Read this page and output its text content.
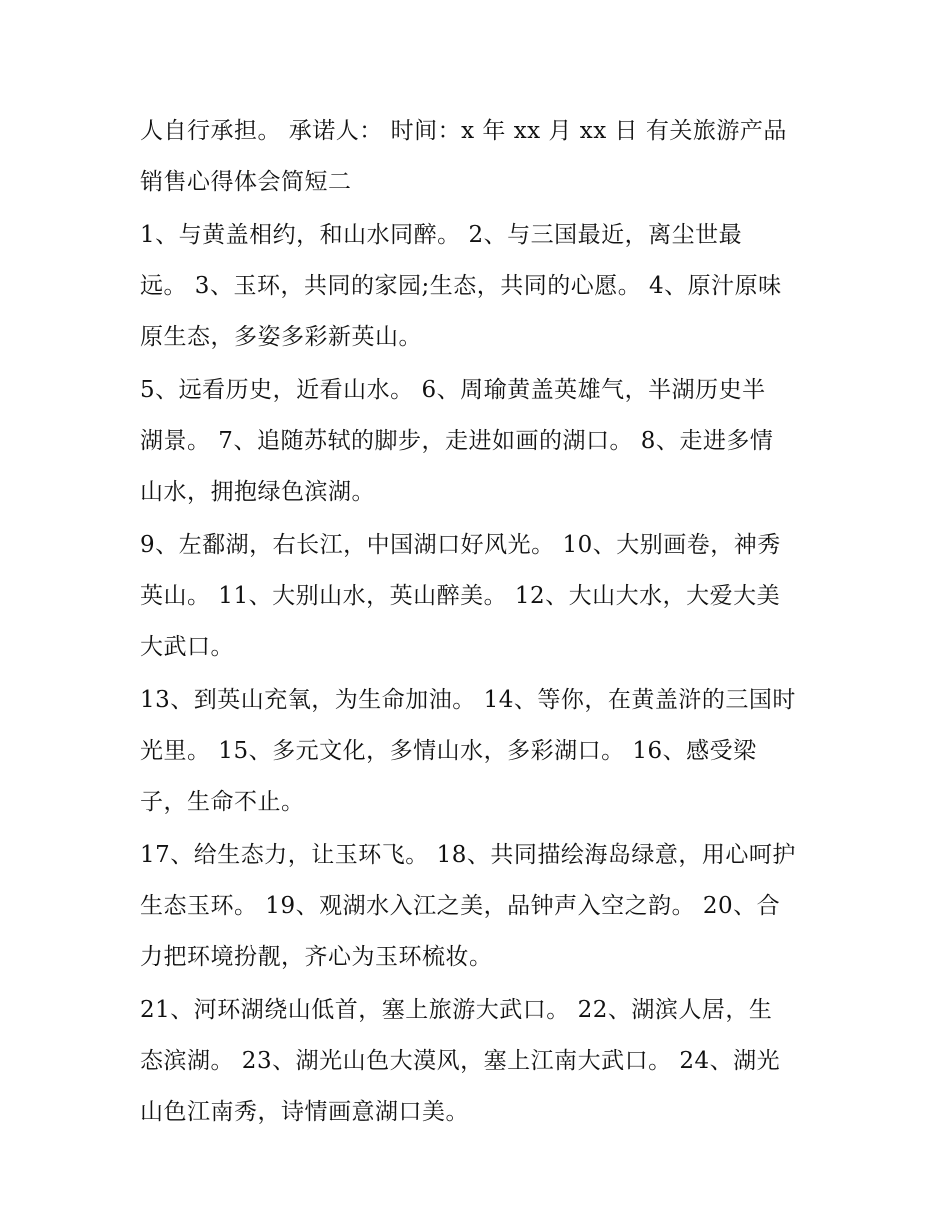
人自行承担。 承诺人： 时间：x 年 xx 月 xx 日 有关旅游产品
销售心得体会简短二
1、与黄盖相约，和山水同醉。 2、与三国最近，离尘世最
远。 3、玉环，共同的家园;生态，共同的心愿。 4、原汁原味
原生态，多姿多彩新英山。
5、远看历史，近看山水。 6、周瑜黄盖英雄气，半湖历史半
湖景。 7、追随苏轼的脚步，走进如画的湖口。 8、走进多情
山水，拥抱绿色滨湖。
9、左鄱湖，右长江，中国湖口好风光。 10、大别画卷，神秀
英山。 11、大别山水，英山醉美。 12、大山大水，大爱大美
大武口。
13、到英山充氧，为生命加油。 14、等你，在黄盖浒的三国时
光里。 15、多元文化，多情山水，多彩湖口。 16、感受梁
子，生命不止。
17、给生态力，让玉环飞。 18、共同描绘海岛绿意，用心呵护
生态玉环。 19、观湖水入江之美，品钟声入空之韵。 20、合
力把环境扮靓，齐心为玉环梳妆。
21、河环湖绕山低首，塞上旅游大武口。 22、湖滨人居，生
态滨湖。 23、湖光山色大漠风，塞上江南大武口。 24、湖光
山色江南秀，诗情画意湖口美。
